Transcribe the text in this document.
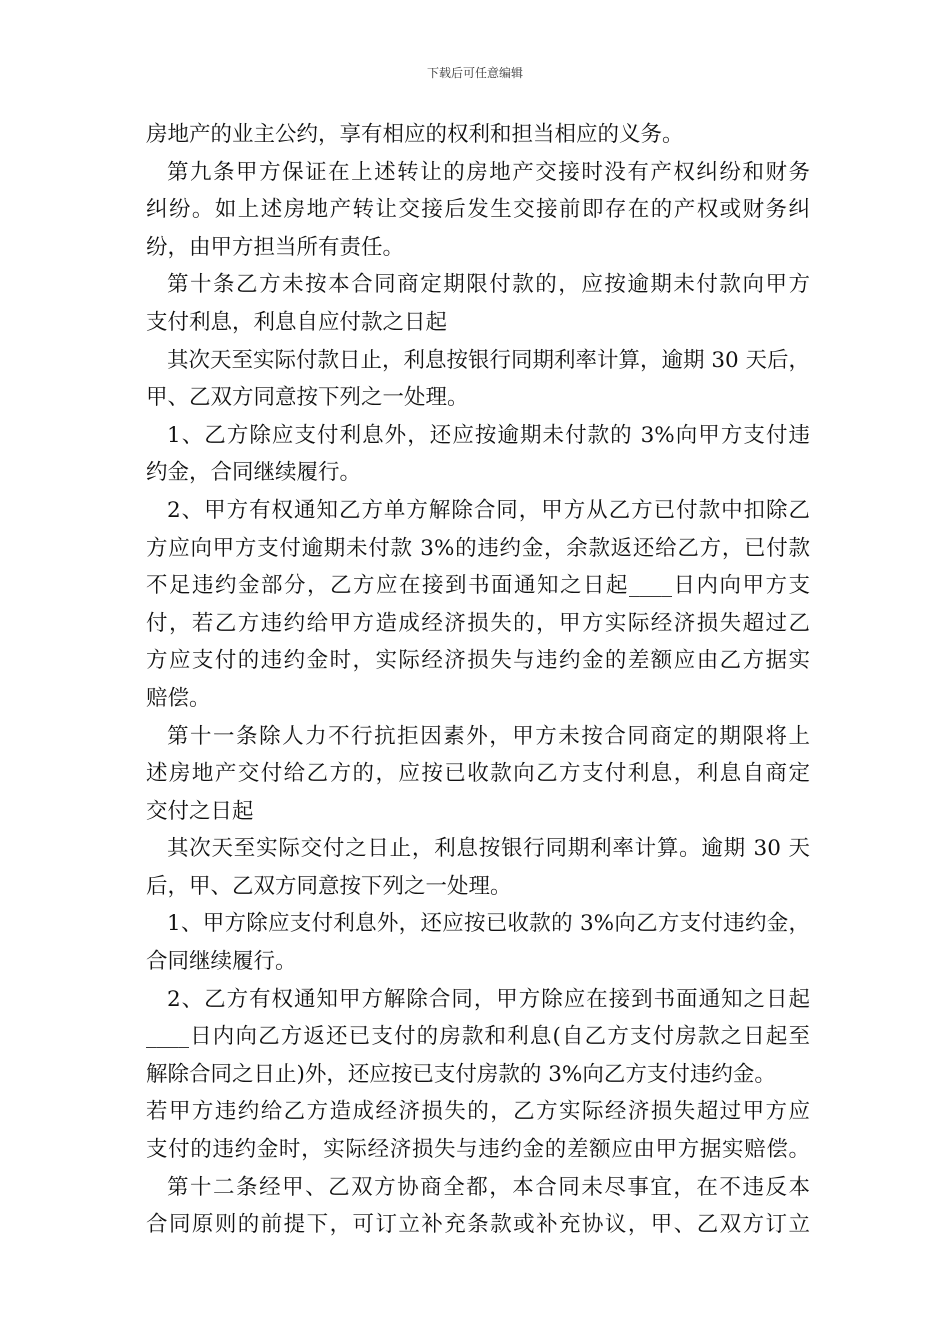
下载后可任意编辑
房地产的业主公约，享有相应的权利和担当相应的义务。
第九条甲方保证在上述转让的房地产交接时没有产权纠纷和财务
纠纷。如上述房地产转让交接后发生交接前即存在的产权或财务纠
纷，由甲方担当所有责任。
第十条乙方未按本合同商定期限付款的，应按逾期未付款向甲方
支付利息，利息自应付款之日起
其次天至实际付款日止，利息按银行同期利率计算，逾期 30 天后，
甲、乙双方同意按下列之一处理。
1、乙方除应支付利息外，还应按逾期未付款的 3%向甲方支付违
约金，合同继续履行。
2、甲方有权通知乙方单方解除合同，甲方从乙方已付款中扣除乙
方应向甲方支付逾期未付款 3%的违约金，余款返还给乙方，已付款
不足违约金部分，乙方应在接到书面通知之日起____日内向甲方支
付，若乙方违约给甲方造成经济损失的，甲方实际经济损失超过乙
方应支付的违约金时，实际经济损失与违约金的差额应由乙方据实
赔偿。
第十一条除人力不行抗拒因素外，甲方未按合同商定的期限将上
述房地产交付给乙方的，应按已收款向乙方支付利息，利息自商定
交付之日起
其次天至实际交付之日止，利息按银行同期利率计算。逾期 30 天
后，甲、乙双方同意按下列之一处理。
1、甲方除应支付利息外，还应按已收款的 3%向乙方支付违约金，
合同继续履行。
2、乙方有权通知甲方解除合同，甲方除应在接到书面通知之日起
____日内向乙方返还已支付的房款和利息(自乙方支付房款之日起至
解除合同之日止)外，还应按已支付房款的 3%向乙方支付违约金。
若甲方违约给乙方造成经济损失的，乙方实际经济损失超过甲方应
支付的违约金时，实际经济损失与违约金的差额应由甲方据实赔偿。
第十二条经甲、乙双方协商全都，本合同未尽事宜，在不违反本
合同原则的前提下，可订立补充条款或补充协议，甲、乙双方订立
